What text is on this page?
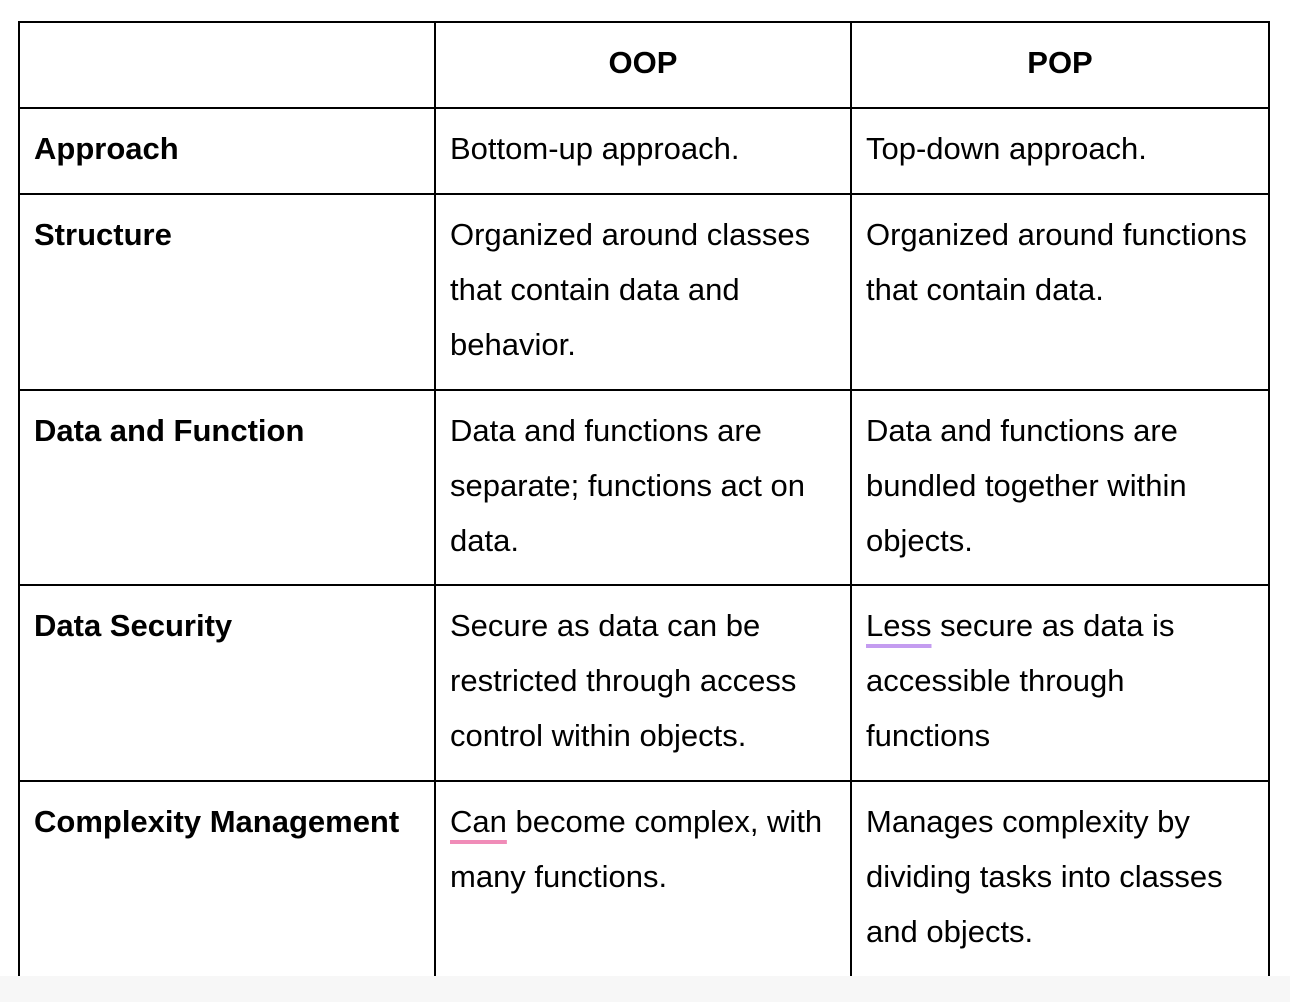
	OOP	POP
Approach	Bottom-up approach.	Top-down approach.
Structure	Organized around classes that contain data and behavior.	Organized around functions that contain data.
Data and Function	Data and functions are separate; functions act on data.	Data and functions are bundled together within objects.
Data Security	Secure as data can be restricted through access control within objects.	Less secure as data is accessible through functions
Complexity Management	Can become complex, with many functions.	Manages complexity by dividing tasks into classes and objects.
